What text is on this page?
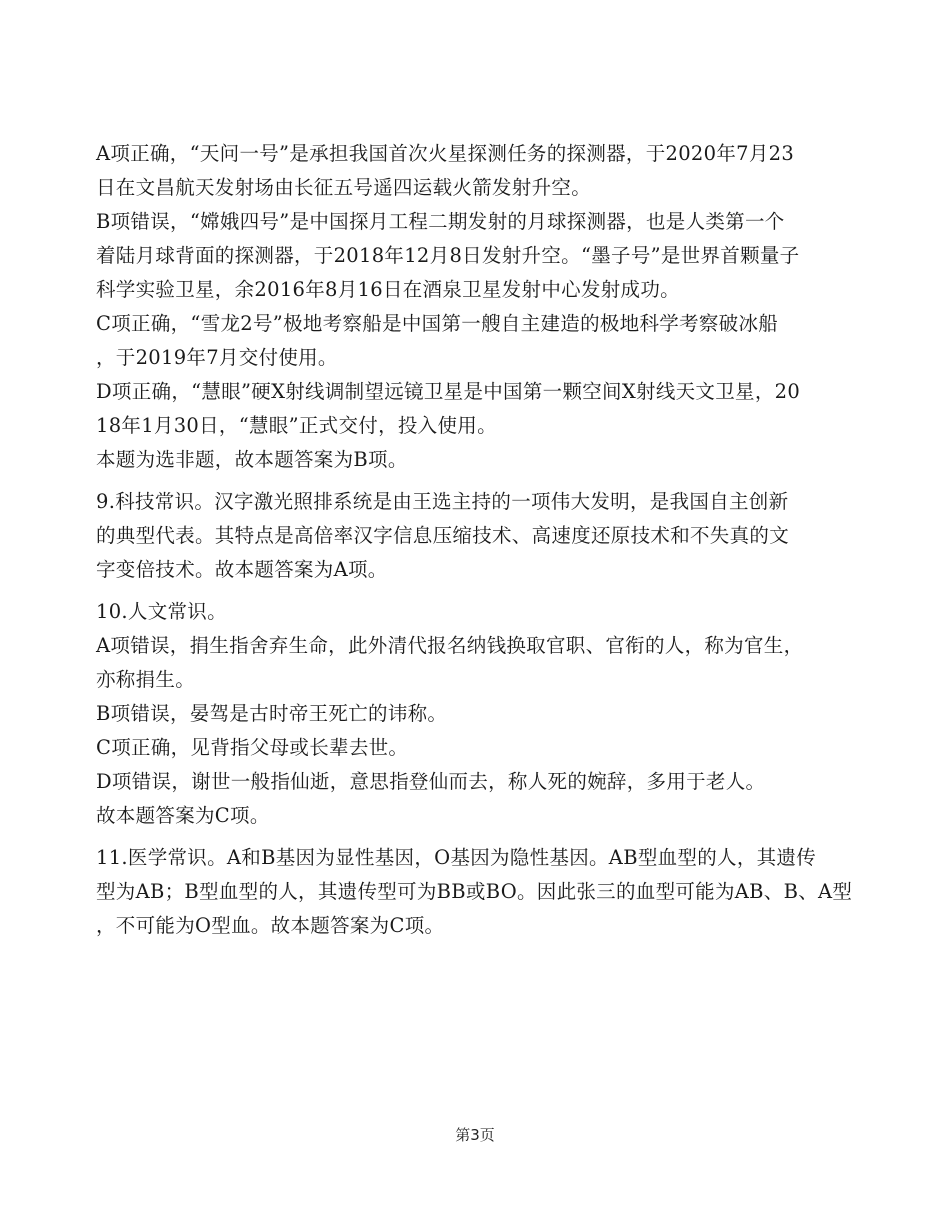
A项正确，“天问一号”是承担我国首次火星探测任务的探测器，于2020年7月23
日在文昌航天发射场由长征五号遥四运载火箭发射升空。
B项错误，“嫦娥四号”是中国探月工程二期发射的月球探测器，也是人类第一个
着陆月球背面的探测器，于2018年12月8日发射升空。“墨子号”是世界首颗量子
科学实验卫星，余2016年8月16日在酒泉卫星发射中心发射成功。
C项正确，“雪龙2号”极地考察船是中国第一艘自主建造的极地科学考察破冰船
，于2019年7月交付使用。
D项正确，“慧眼”硬X射线调制望远镜卫星是中国第一颗空间X射线天文卫星，20
18年1月30日，“慧眼”正式交付，投入使用。
本题为选非题，故本题答案为B项。
9.科技常识。汉字激光照排系统是由王选主持的一项伟大发明，是我国自主创新
的典型代表。其特点是高倍率汉字信息压缩技术、高速度还原技术和不失真的文
字变倍技术。故本题答案为A项。
10.人文常识。
A项错误，捐生指舍弃生命，此外清代报名纳钱换取官职、官衔的人，称为官生，
亦称捐生。
B项错误，晏驾是古时帝王死亡的讳称。
C项正确，见背指父母或长辈去世。
D项错误，谢世一般指仙逝，意思指登仙而去，称人死的婉辞，多用于老人。
故本题答案为C项。
11.医学常识。A和B基因为显性基因，O基因为隐性基因。AB型血型的人，其遗传
型为AB；B型血型的人，其遗传型可为BB或BO。因此张三的血型可能为AB、B、A型
，不可能为O型血。故本题答案为C项。
第3页
